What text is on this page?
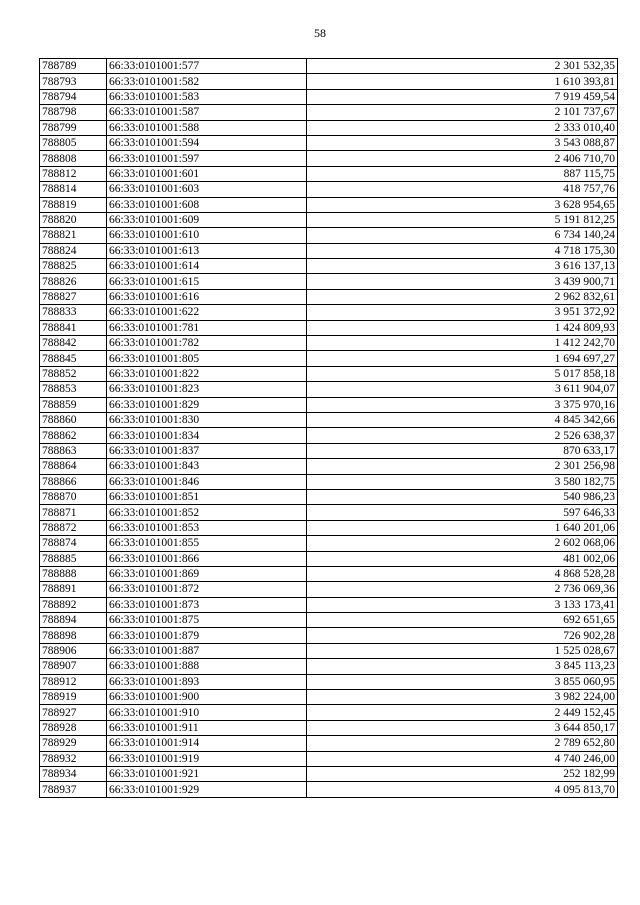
58
788789	66:33:0101001:577	2 301 532,35
788793	66:33:0101001:582	1 610 393,81
788794	66:33:0101001:583	7 919 459,54
788798	66:33:0101001:587	2 101 737,67
788799	66:33:0101001:588	2 333 010,40
788805	66:33:0101001:594	3 543 088,87
788808	66:33:0101001:597	2 406 710,70
788812	66:33:0101001:601	887 115,75
788814	66:33:0101001:603	418 757,76
788819	66:33:0101001:608	3 628 954,65
788820	66:33:0101001:609	5 191 812,25
788821	66:33:0101001:610	6 734 140,24
788824	66:33:0101001:613	4 718 175,30
788825	66:33:0101001:614	3 616 137,13
788826	66:33:0101001:615	3 439 900,71
788827	66:33:0101001:616	2 962 832,61
788833	66:33:0101001:622	3 951 372,92
788841	66:33:0101001:781	1 424 809,93
788842	66:33:0101001:782	1 412 242,70
788845	66:33:0101001:805	1 694 697,27
788852	66:33:0101001:822	5 017 858,18
788853	66:33:0101001:823	3 611 904,07
788859	66:33:0101001:829	3 375 970,16
788860	66:33:0101001:830	4 845 342,66
788862	66:33:0101001:834	2 526 638,37
788863	66:33:0101001:837	870 633,17
788864	66:33:0101001:843	2 301 256,98
788866	66:33:0101001:846	3 580 182,75
788870	66:33:0101001:851	540 986,23
788871	66:33:0101001:852	597 646,33
788872	66:33:0101001:853	1 640 201,06
788874	66:33:0101001:855	2 602 068,06
788885	66:33:0101001:866	481 002,06
788888	66:33:0101001:869	4 868 528,28
788891	66:33:0101001:872	2 736 069,36
788892	66:33:0101001:873	3 133 173,41
788894	66:33:0101001:875	692 651,65
788898	66:33:0101001:879	726 902,28
788906	66:33:0101001:887	1 525 028,67
788907	66:33:0101001:888	3 845 113,23
788912	66:33:0101001:893	3 855 060,95
788919	66:33:0101001:900	3 982 224,00
788927	66:33:0101001:910	2 449 152,45
788928	66:33:0101001:911	3 644 850,17
788929	66:33:0101001:914	2 789 652,80
788932	66:33:0101001:919	4 740 246,00
788934	66:33:0101001:921	252 182,99
788937	66:33:0101001:929	4 095 813,70
